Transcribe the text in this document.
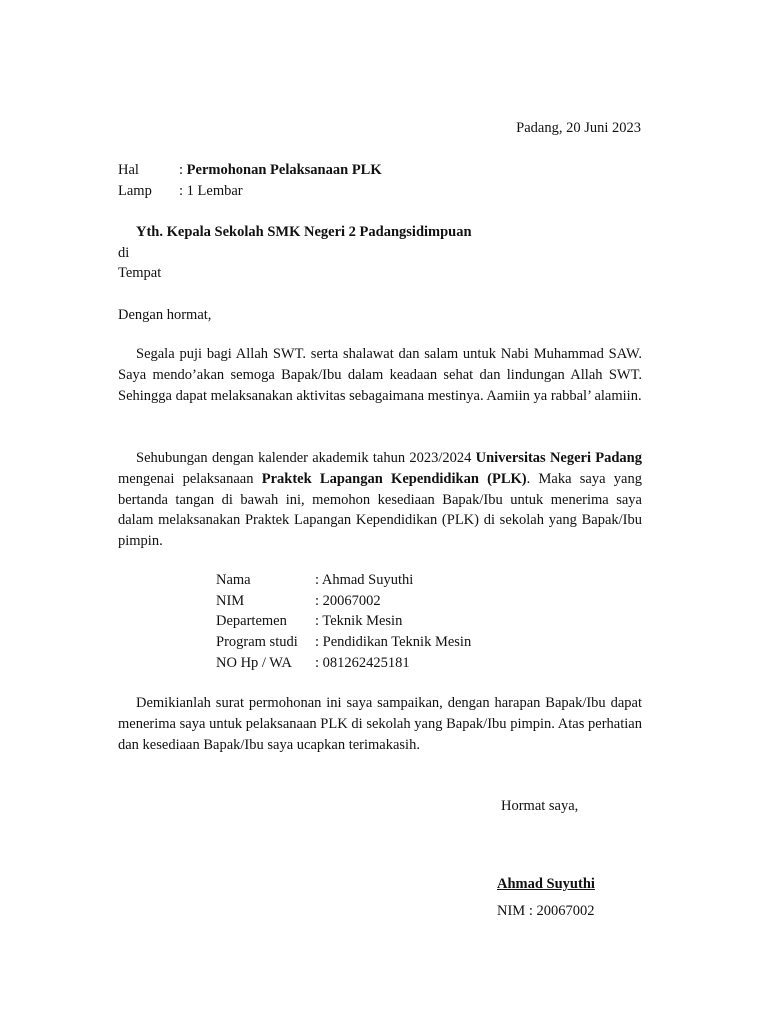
Padang, 20 Juni 2023
Hal	: Permohonan Pelaksanaan PLK
Lamp : 1 Lembar
Yth. Kepala Sekolah SMK Negeri 2 Padangsidimpuan
di
Tempat
Dengan hormat,
Segala puji bagi Allah SWT. serta shalawat dan salam untuk Nabi Muhammad SAW. Saya mendo’akan semoga Bapak/Ibu dalam keadaan sehat dan lindungan Allah SWT. Sehingga dapat melaksanakan aktivitas sebagaimana mestinya. Aamiin ya rabbal’ alamiin.
Sehubungan dengan kalender akademik tahun 2023/2024 Universitas Negeri Padang mengenai pelaksanaan Praktek Lapangan Kependidikan (PLK). Maka saya yang bertanda tangan di bawah ini, memohon kesediaan Bapak/Ibu untuk menerima saya dalam melaksanakan Praktek Lapangan Kependidikan (PLK) di sekolah yang Bapak/Ibu pimpin.
Nama	: Ahmad Suyuthi
NIM	: 20067002
Departemen : Teknik Mesin
Program studi : Pendidikan Teknik Mesin
NO Hp / WA : 081262425181
Demikianlah surat permohonan ini saya sampaikan, dengan harapan Bapak/Ibu dapat menerima saya untuk pelaksanaan PLK di sekolah yang Bapak/Ibu pimpin. Atas perhatian dan kesediaan Bapak/Ibu saya ucapkan terimakasih.
Hormat saya,
Ahmad Suyuthi
NIM : 20067002
